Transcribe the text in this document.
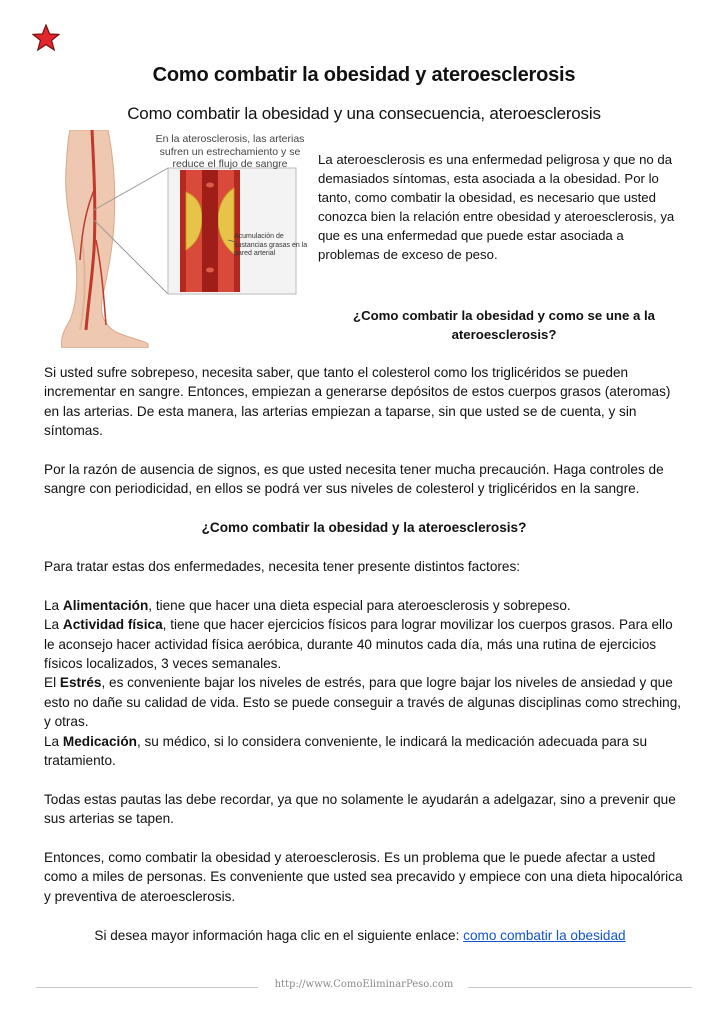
Como combatir la obesidad y ateroesclerosis
Como combatir la obesidad y una consecuencia, ateroesclerosis
En la aterosclerosis, las arterias sufren un estrechamiento y se reduce el flujo de sangre
Acumulación de sustancias grasas en la pared arterial

La ateroesclerosis es una enfermedad peligrosa y que no da demasiados síntomas, esta asociada a la obesidad. Por lo tanto, como combatir la obesidad, es necesario que usted conozca bien la relación entre obesidad y ateroesclerosis, ya que es una enfermedad que puede estar asociada a problemas de exceso de peso.

¿Como combatir la obesidad y como se une a la ateroesclerosis?

Si usted sufre sobrepeso, necesita saber, que tanto el colesterol como los triglicéridos se pueden incrementar en sangre. Entonces, empiezan a generarse depósitos de estos cuerpos grasos (ateromas) en las arterias. De esta manera, las arterias empiezan a taparse, sin que usted se de cuenta, y sin síntomas.

Por la razón de ausencia de signos, es que usted necesita tener mucha precaución. Haga controles de sangre con periodicidad, en ellos se podrá ver sus niveles de colesterol y triglicéridos en la sangre.

¿Como combatir la obesidad y la ateroesclerosis?

Para tratar estas dos enfermedades, necesita tener presente distintos factores:

La Alimentación, tiene que hacer una dieta especial para ateroesclerosis y sobrepeso.

La Actividad física, tiene que hacer ejercicios físicos para lograr movilizar los cuerpos grasos. Para ello le aconsejo hacer actividad física aeróbica, durante 40 minutos cada día, más una rutina de ejercicios físicos localizados, 3 veces semanales.

El Estrés, es conveniente bajar los niveles de estrés, para que logre bajar los niveles de ansiedad y que esto no dañe su calidad de vida. Esto se puede conseguir a través de algunas disciplinas como streching, y otras.

La Medicación, su médico, si lo considera conveniente, le indicará la medicación adecuada para su tratamiento.

Todas estas pautas las debe recordar, ya que no solamente le ayudarán a adelgazar, sino a prevenir que sus arterias se tapen.

Entonces, como combatir la obesidad y ateroesclerosis. Es un problema que le puede afectar a usted como a miles de personas. Es conveniente que usted sea precavido y empiece con una dieta hipocalórica y preventiva de ateroesclerosis.

Si desea mayor información haga clic en el siguiente enlace: como combatir la obesidad

http://www.ComoEliminarPeso.com
